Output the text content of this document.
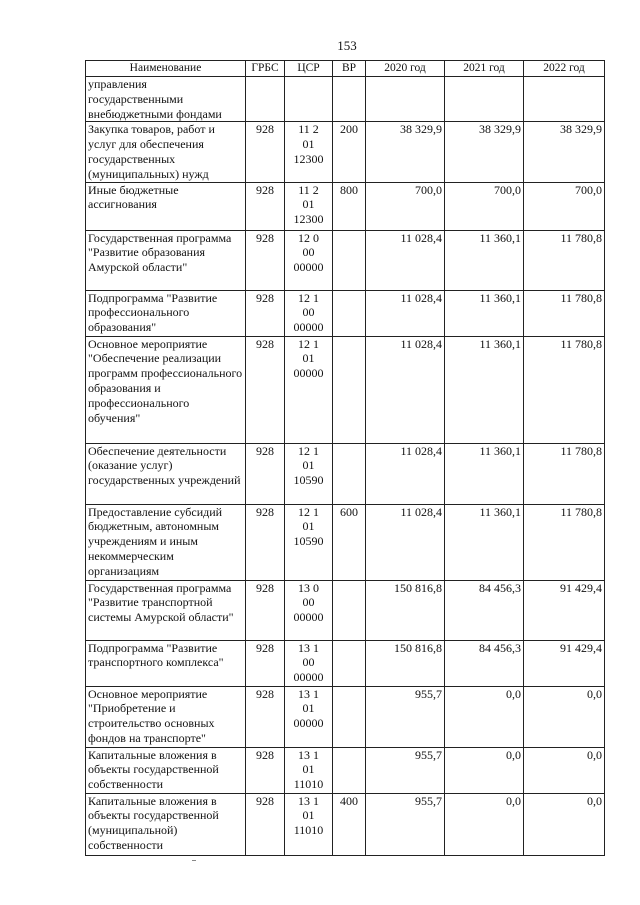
153
Наименование	ГРБС	ЦСР	ВР	2020 год	2021 год	2022 год
управления государственными внебюджетными фондами						
Закупка товаров, работ и услуг для обеспечения государственных (муниципальных) нужд	928	11 2
01
12300	200	38 329,9	38 329,9	38 329,9
Иные бюджетные ассигнования	928	11 2
01
12300	800	700,0	700,0	700,0
Государственная программа "Развитие образования Амурской области"	928	12 0
00
00000		11 028,4	11 360,1	11 780,8
Подпрограмма "Развитие профессионального образования"	928	12 1
00
00000		11 028,4	11 360,1	11 780,8
Основное мероприятие "Обеспечение реализации программ профессионального образования и профессионального обучения"	928	12 1
01
00000		11 028,4	11 360,1	11 780,8
Обеспечение деятельности (оказание услуг) государственных учреждений	928	12 1
01
10590		11 028,4	11 360,1	11 780,8
Предоставление субсидий бюджетным, автономным учреждениям и иным некоммерческим организациям	928	12 1
01
10590	600	11 028,4	11 360,1	11 780,8
Государственная программа "Развитие транспортной системы Амурской области"	928	13 0
00
00000		150 816,8	84 456,3	91 429,4
Подпрограмма "Развитие транспортного комплекса"	928	13 1
00
00000		150 816,8	84 456,3	91 429,4
Основное мероприятие "Приобретение и строительство основных фондов на транспорте"	928	13 1
01
00000		955,7	0,0	0,0
Капитальные вложения в объекты государственной собственности	928	13 1
01
11010		955,7	0,0	0,0
Капитальные вложения в объекты государственной (муниципальной) собственности	928	13 1
01
11010	400	955,7	0,0	0,0
